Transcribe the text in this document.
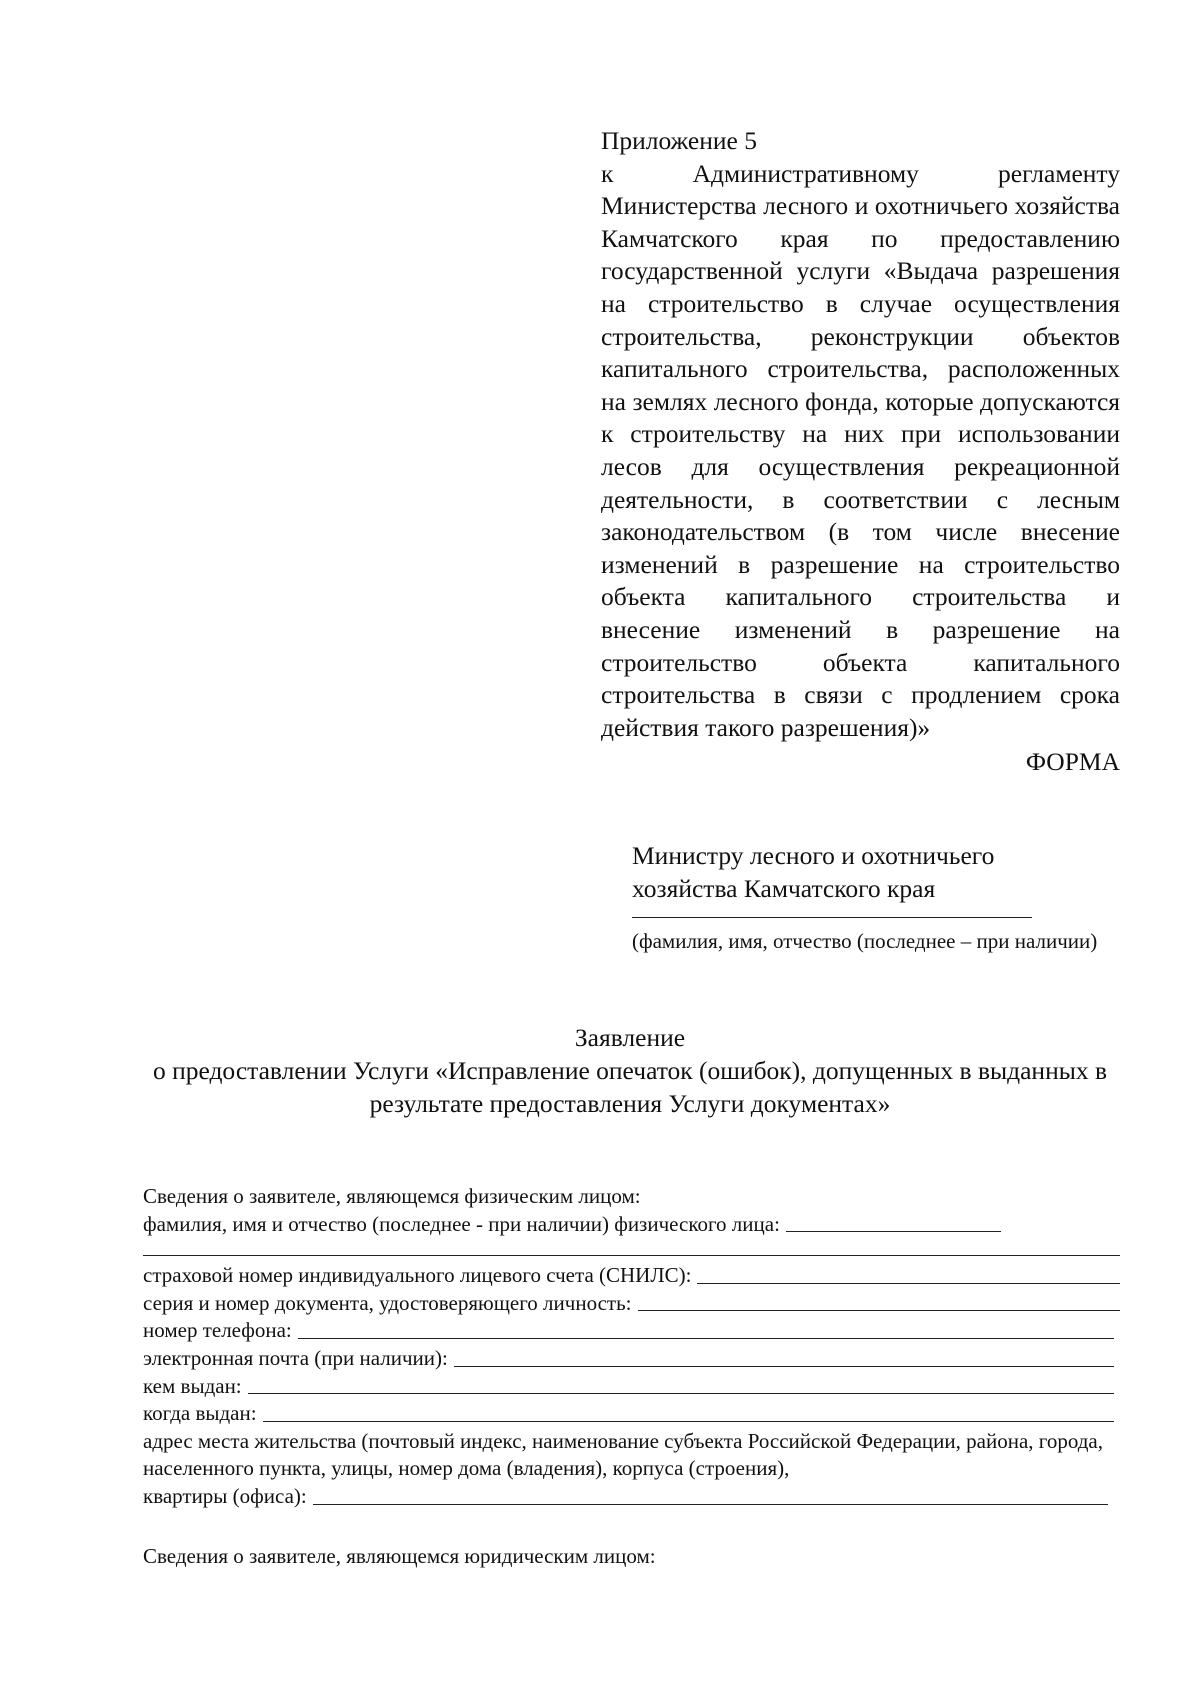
Приложение 5
к Административному регламенту Министерства лесного и охотничьего хозяйства Камчатского края по предоставлению государственной услуги «Выдача разрешения на строительство в случае осуществления строительства, реконструкции объектов капитального строительства, расположенных на землях лесного фонда, которые допускаются к строительству на них при использовании лесов для осуществления рекреационной деятельности, в соответствии с лесным законодательством (в том числе внесение изменений в разрешение на строительство объекта капитального строительства и внесение изменений в разрешение на строительство объекта капитального строительства в связи с продлением срока действия такого разрешения)»
ФОРМА
Министру лесного и охотничьего
хозяйства Камчатского края
(фамилия, имя, отчество (последнее – при наличии)
Заявление
о предоставлении Услуги «Исправление опечаток (ошибок), допущенных в выданных в результате предоставления Услуги документах»
Сведения о заявителе, являющемся физическим лицом:
фамилия, имя и отчество (последнее - при наличии) физического лица:
страховой номер индивидуального лицевого счета (СНИЛС):
серия и номер документа, удостоверяющего личность:
номер телефона:
электронная почта (при наличии):
кем выдан:
когда выдан:
адрес места жительства (почтовый индекс, наименование субъекта Российской Федерации, района, города, населенного пункта, улицы, номер дома (владения), корпуса (строения),
квартиры (офиса):
Сведения о заявителе, являющемся юридическим лицом:
